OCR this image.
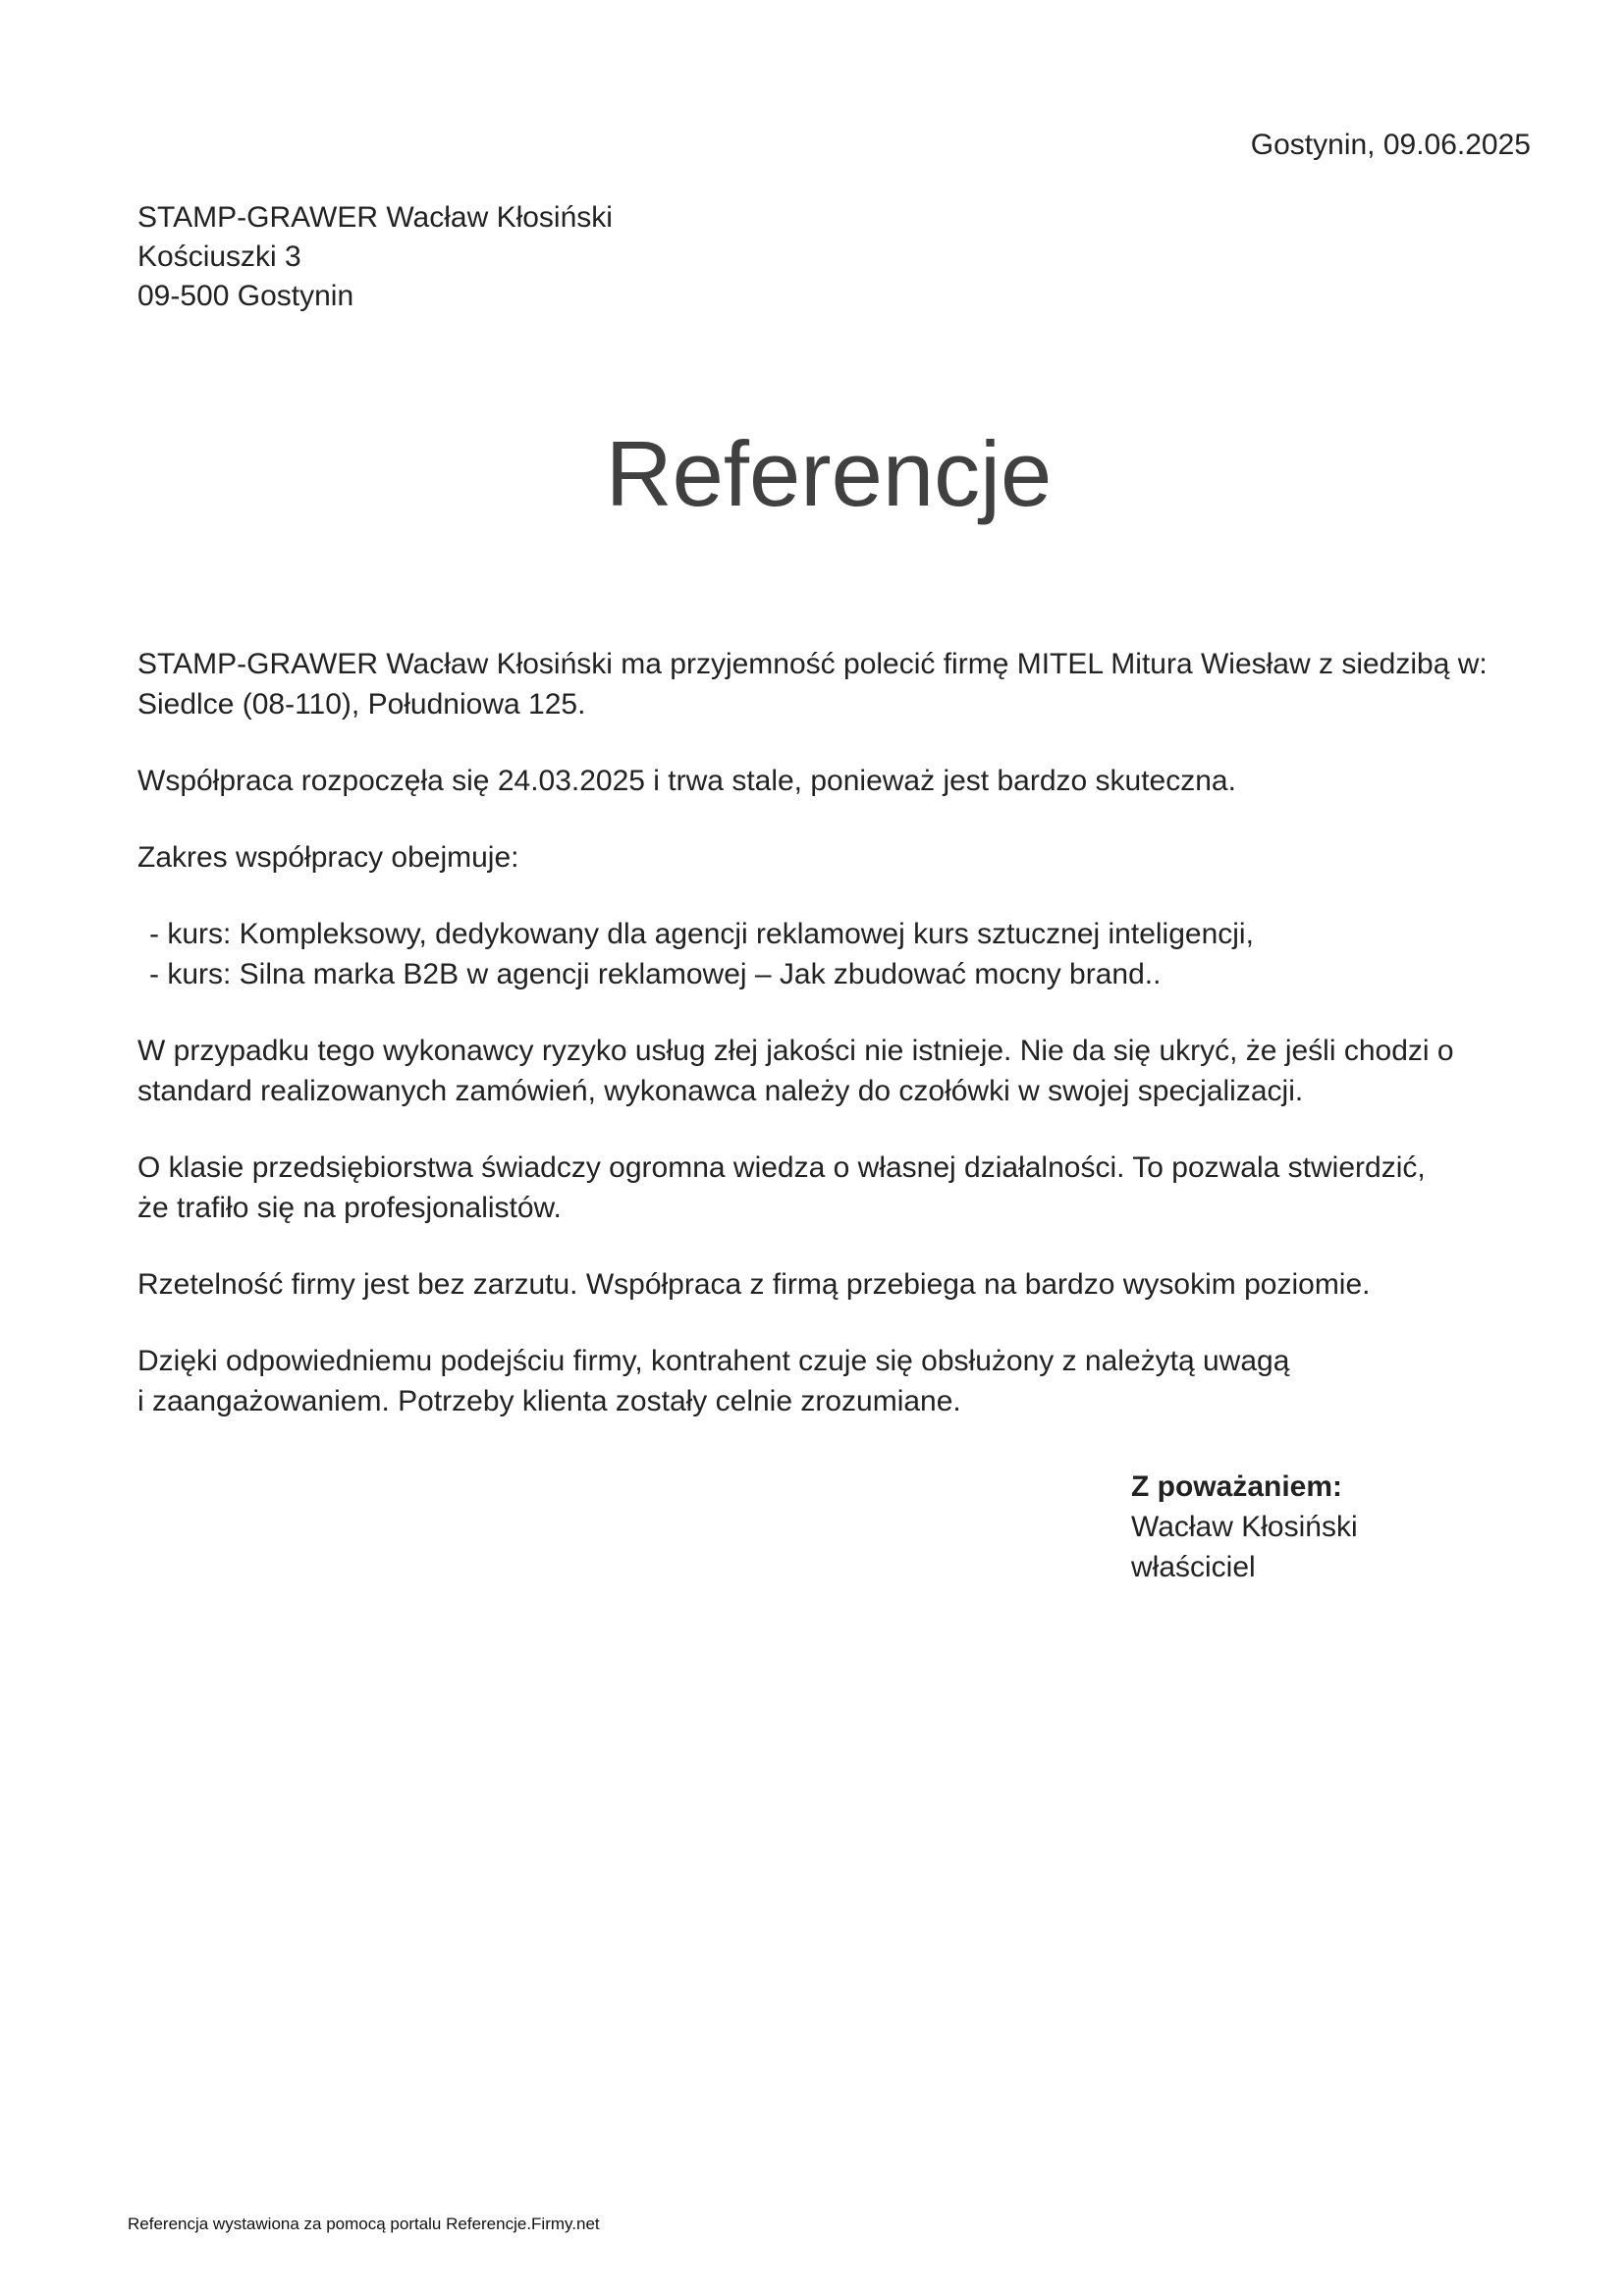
Gostynin, 09.06.2025
STAMP-GRAWER Wacław Kłosiński
Kościuszki 3
09-500 Gostynin
Referencje

STAMP-GRAWER Wacław Kłosiński ma przyjemność polecić firmę MITEL Mitura Wiesław z siedzibą w:
Siedlce (08-110), Południowa 125.

Współpraca rozpoczęła się 24.03.2025 i trwa stale, ponieważ jest bardzo skuteczna.

Zakres współpracy obejmuje:

- kurs: Kompleksowy, dedykowany dla agencji reklamowej kurs sztucznej inteligencji,
- kurs: Silna marka B2B w agencji reklamowej – Jak zbudować mocny brand..

W przypadku tego wykonawcy ryzyko usług złej jakości nie istnieje. Nie da się ukryć, że jeśli chodzi o
standard realizowanych zamówień, wykonawca należy do czołówki w swojej specjalizacji.

O klasie przedsiębiorstwa świadczy ogromna wiedza o własnej działalności. To pozwala stwierdzić,
że trafiło się na profesjonalistów.

Rzetelność firmy jest bez zarzutu. Współpraca z firmą przebiega na bardzo wysokim poziomie.

Dzięki odpowiedniemu podejściu firmy, kontrahent czuje się obsłużony z należytą uwagą
i zaangażowaniem. Potrzeby klienta zostały celnie zrozumiane.

Z poważaniem:
Wacław Kłosiński
właściciel
Referencja wystawiona za pomocą portalu Referencje.Firmy.net
